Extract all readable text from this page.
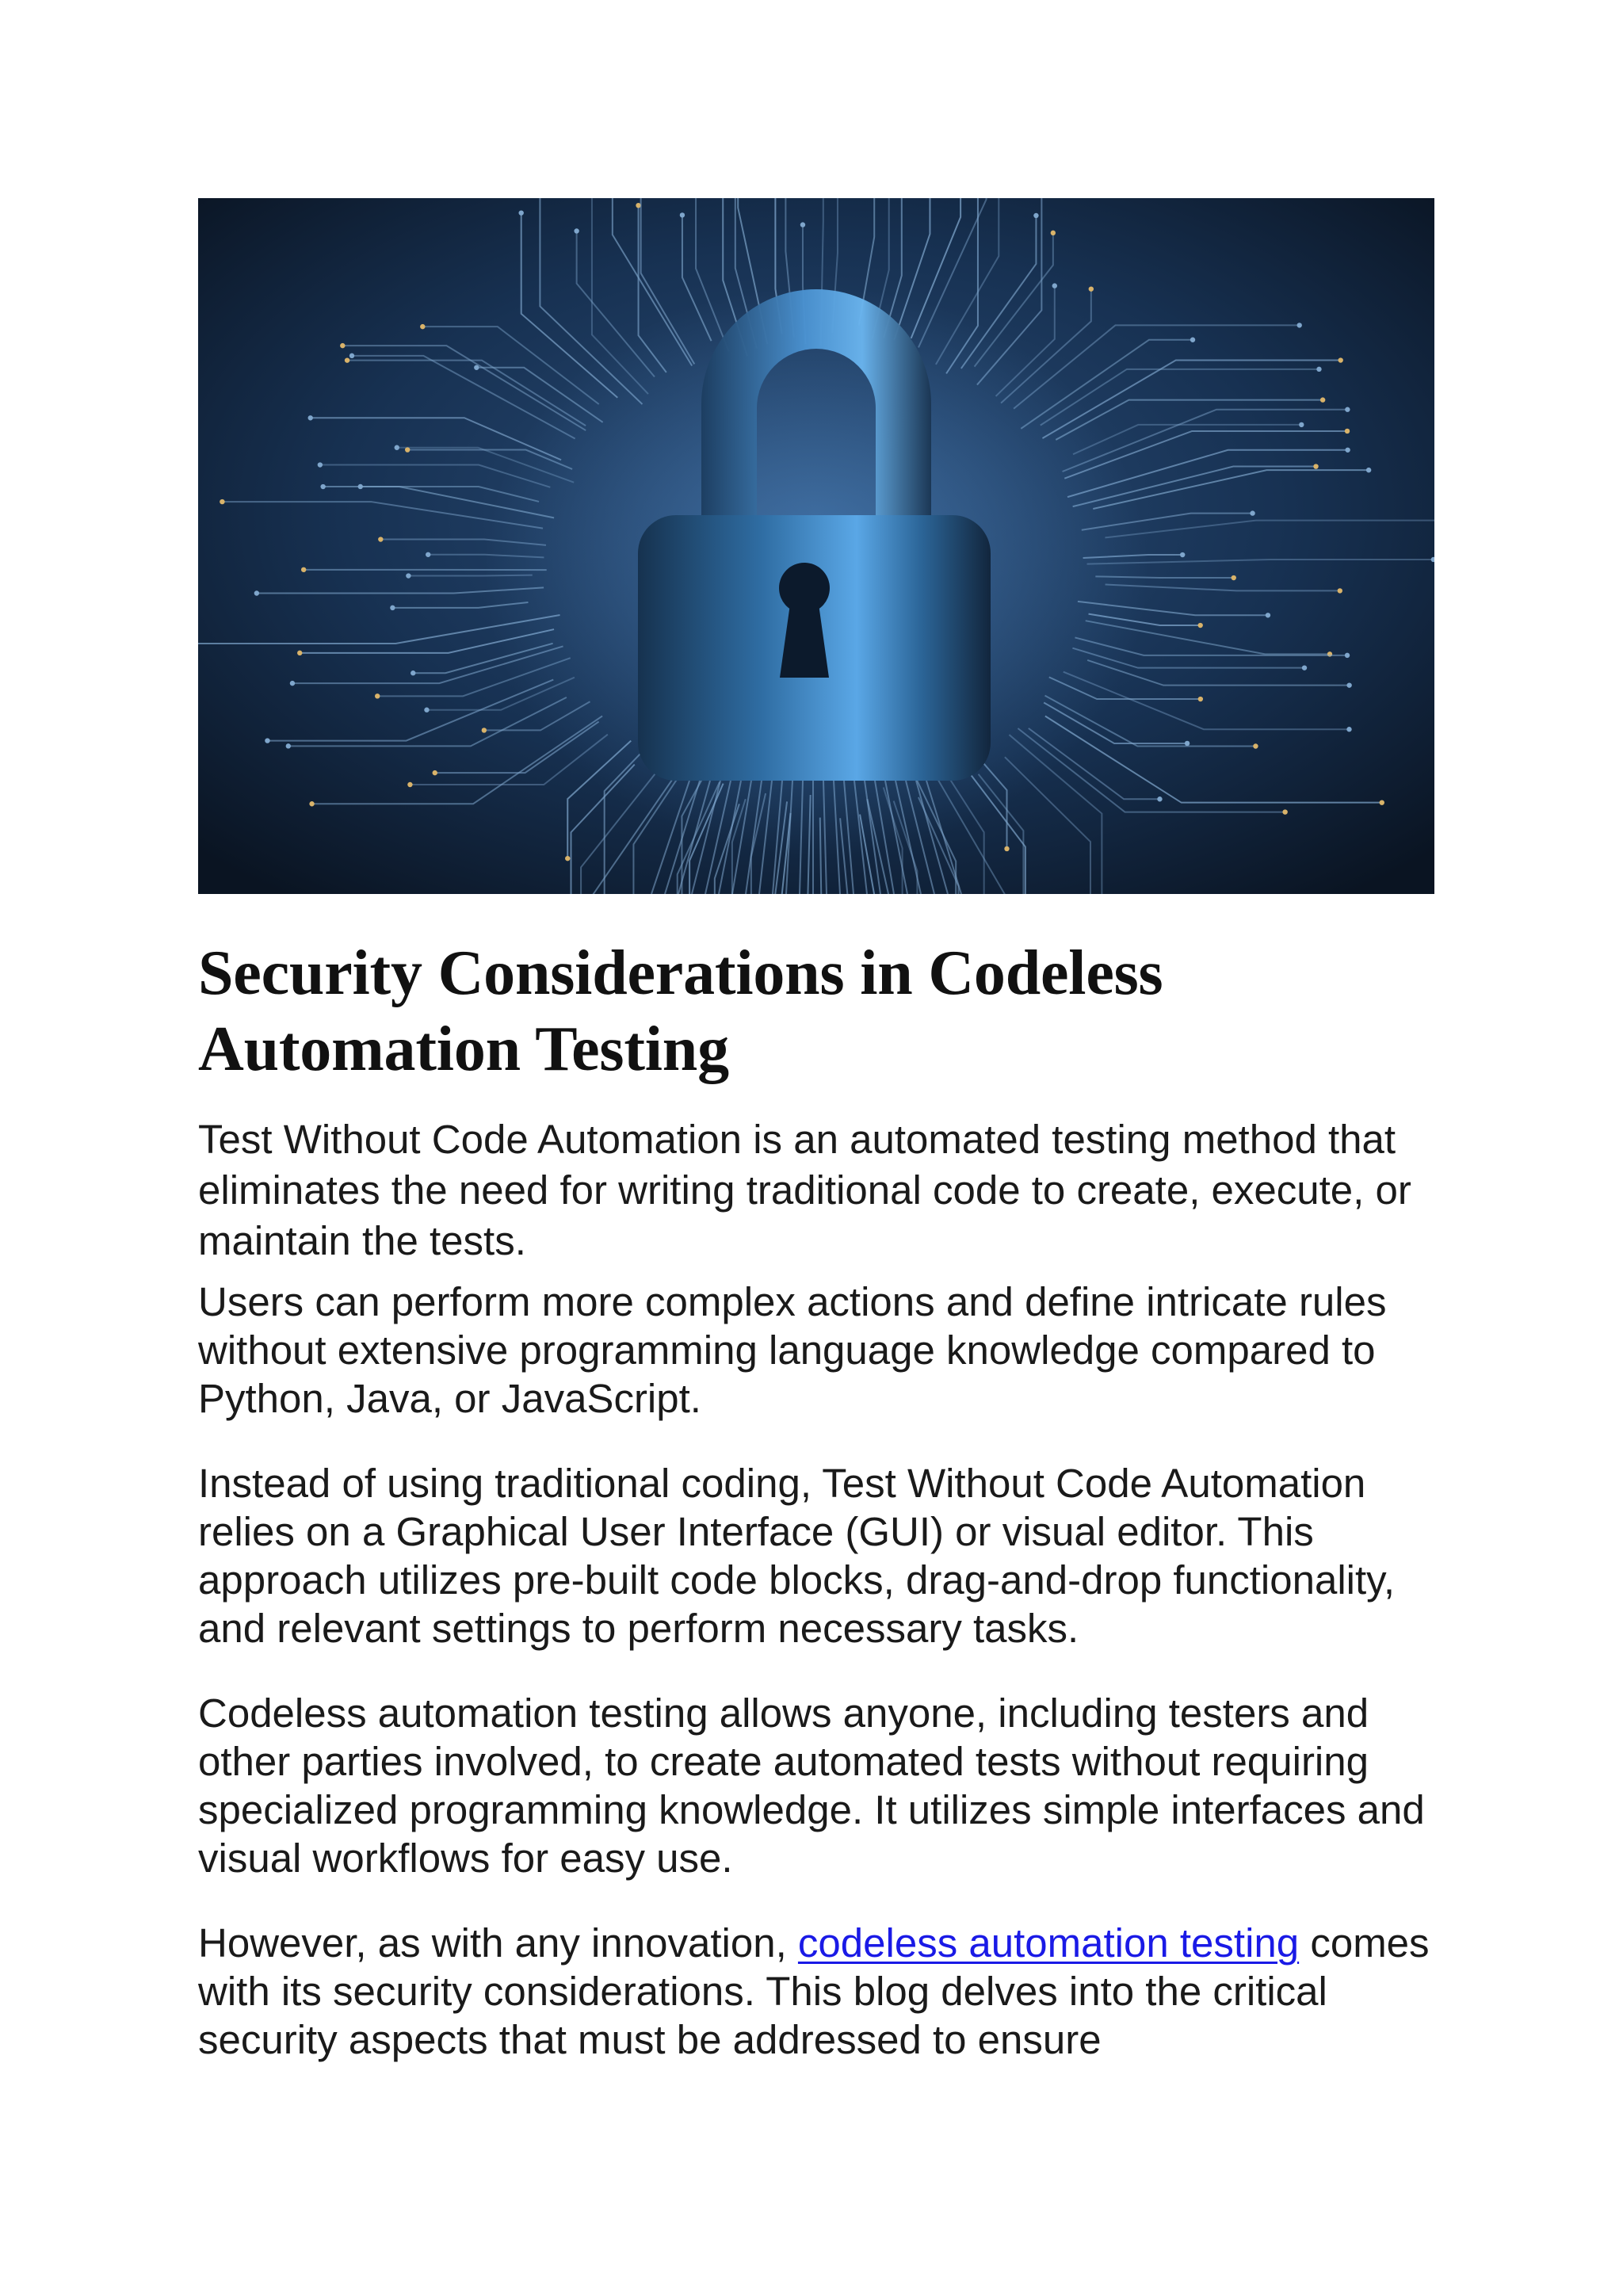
Security Considerations in Codeless
Automation Testing

Test Without Code Automation is an automated testing method that eliminates the need for writing traditional code to create, execute, or maintain the tests.

Users can perform more complex actions and define intricate rules without extensive programming language knowledge compared to Python, Java, or JavaScript.

Instead of using traditional coding, Test Without Code Automation relies on a Graphical User Interface (GUI) or visual editor. This approach utilizes pre-built code blocks, drag-and-drop functionality, and relevant settings to perform necessary tasks.

Codeless automation testing allows anyone, including testers and other parties involved, to create automated tests without requiring specialized programming knowledge. It utilizes simple interfaces and visual workflows for easy use.

However, as with any innovation, codeless automation testing comes with its security considerations. This blog delves into the critical security aspects that must be addressed to ensure
